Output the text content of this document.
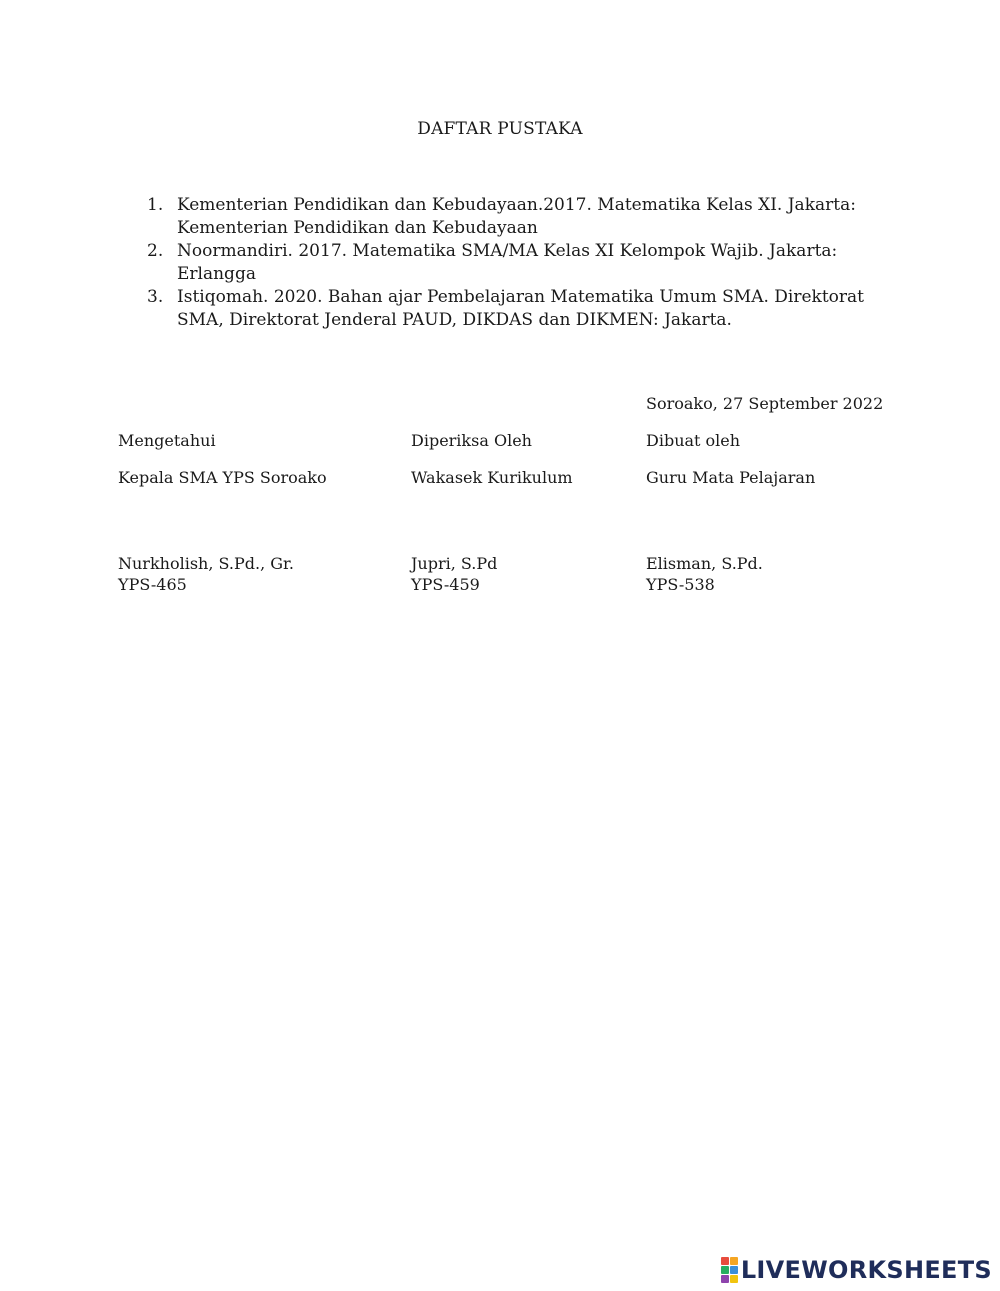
DAFTAR PUSTAKA
1. Kementerian Pendidikan dan Kebudayaan.2017. Matematika Kelas XI. Jakarta: Kementerian Pendidikan dan Kebudayaan
2. Noormandiri. 2017. Matematika SMA/MA Kelas XI Kelompok Wajib. Jakarta: Erlangga
3. Istiqomah. 2020. Bahan ajar Pembelajaran Matematika Umum SMA. Direktorat SMA, Direktorat Jenderal PAUD, DIKDAS dan DIKMEN: Jakarta.
Soroako, 27 September 2022
Mengetahui
Kepala SMA YPS Soroako
Nurkholish, S.Pd., Gr.
YPS-465
Diperiksa Oleh
Wakasek Kurikulum
Jupri, S.Pd
YPS-459
Dibuat oleh
Guru Mata Pelajaran
Elisman, S.Pd.
YPS-538
LIVEWORKSHEETS
